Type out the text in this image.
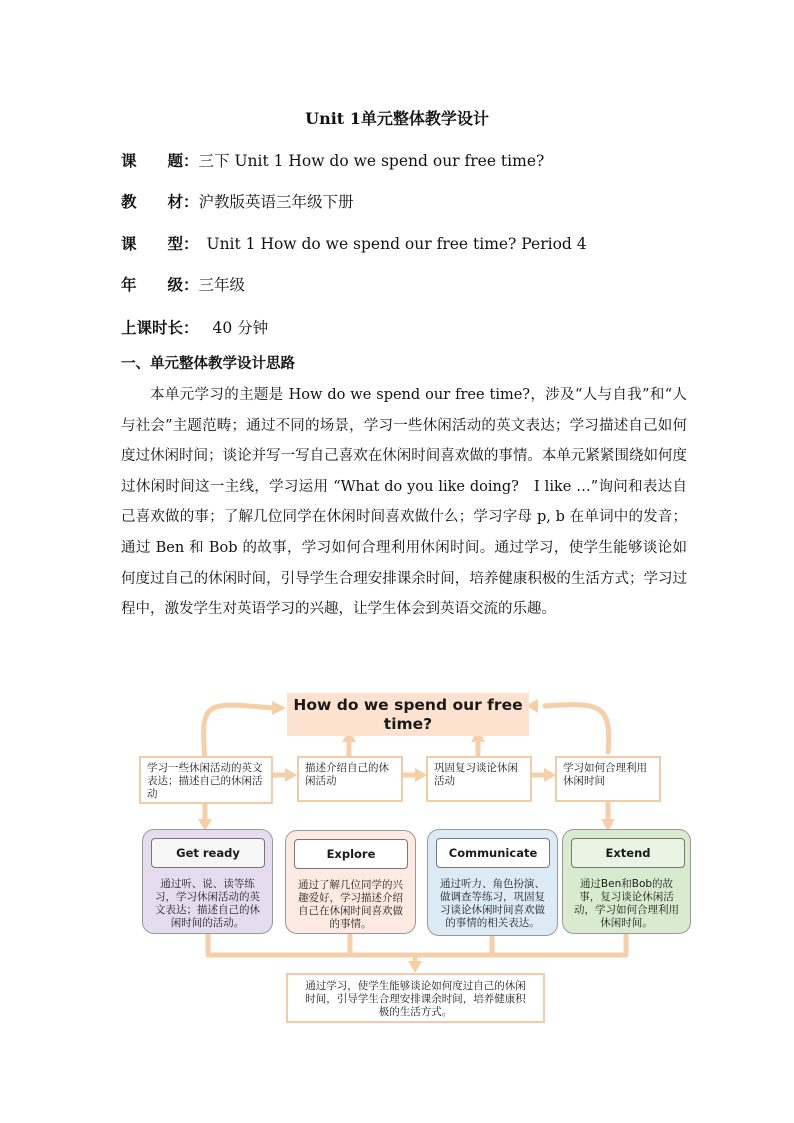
Unit 1单元整体教学设计
课　　题：三下 Unit 1 How do we spend our free time?
教　　材：沪教版英语三年级下册
课　　型： Unit 1 How do we spend our free time? Period 4
年　　级：三年级
上课时长： 40 分钟
一、单元整体教学设计思路
本单元学习的主题是 How do we spend our free time?，涉及“人与自我”和“人与社会”主题范畴；通过不同的场景，学习一些休闲活动的英文表达；学习描述自己如何度过休闲时间；谈论并写一写自己喜欢在休闲时间喜欢做的事情。本单元紧紧围绕如何度过休闲时间这一主线，学习运用 “What do you like doing?　I like …”询问和表达自己喜欢做的事；了解几位同学在休闲时间喜欢做什么；学习字母 p, b 在单词中的发音；通过 Ben 和 Bob 的故事，学习如何合理利用休闲时间。通过学习，使学生能够谈论如何度过自己的休闲时间，引导学生合理安排课余时间，培养健康积极的生活方式；学习过程中，激发学生对英语学习的兴趣，让学生体会到英语交流的乐趣。
How do we spend our free time?
学习一些休闲活动的英文表达；描述自己的休闲活动
描述介绍自己的休闲活动
巩固复习谈论休闲活动
学习如何合理利用休闲时间
Get ready
通过听、说、读等练习，学习休闲活动的英文表达；描述自己的休闲时间的活动。
Explore
通过了解几位同学的兴趣爱好，学习描述介绍自己在休闲时间喜欢做的事情。
Communicate
通过听力、角色扮演、做调查等练习，巩固复习谈论休闲时间喜欢做的事情的相关表达。
Extend
通过Ben和Bob的故事，复习谈论休闲活动，学习如何合理利用休闲时间。
通过学习，使学生能够谈论如何度过自己的休闲时间，引导学生合理安排课余时间，培养健康积极的生活方式。
